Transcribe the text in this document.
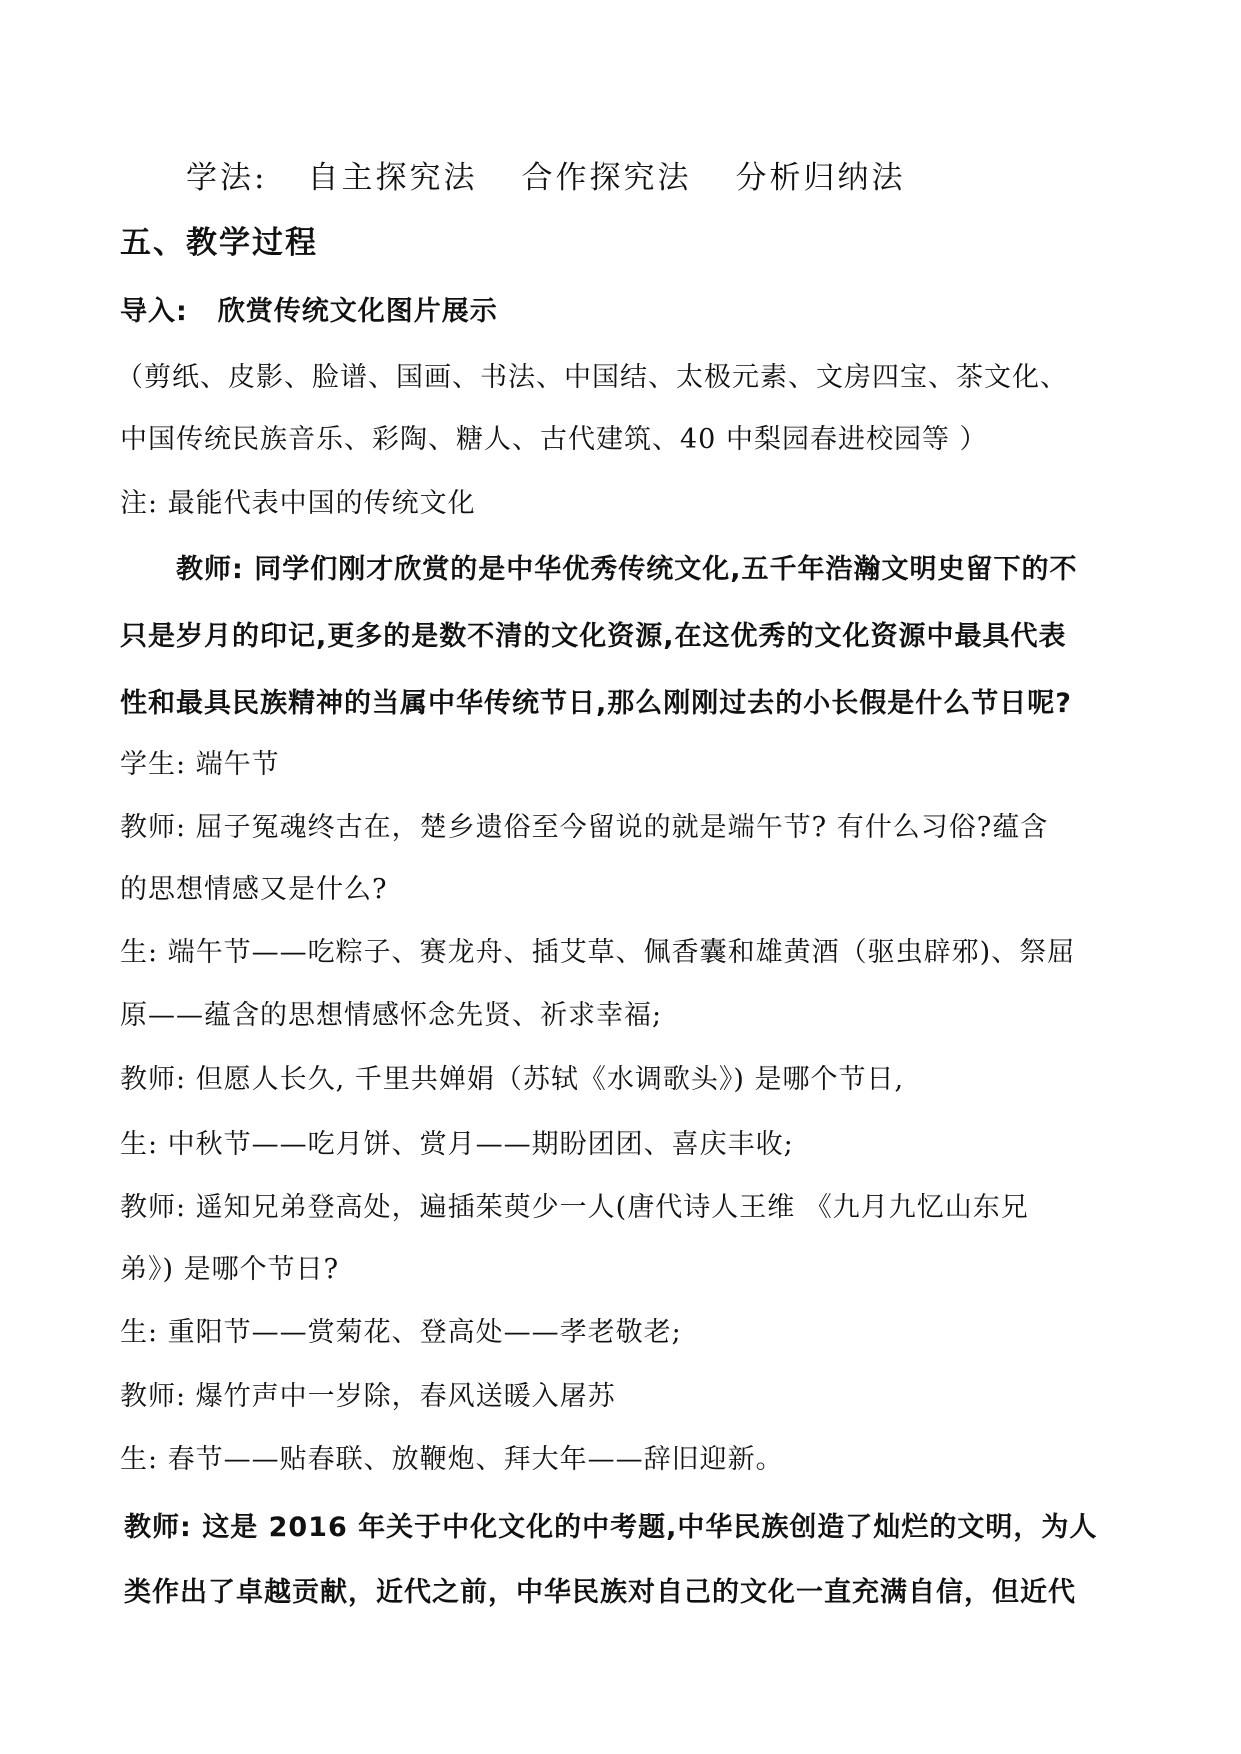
学法: 自主探究法 合作探究法 分析归纳法
五、教学过程
导入: 欣赏传统文化图片展示
（剪纸、皮影、脸谱、国画、书法、中国结、太极元素、文房四宝、茶文化、
中国传统民族音乐、彩陶、糖人、古代建筑、40 中梨园春进校园等 ）
注: 最能代表中国的传统文化
教师: 同学们刚才欣赏的是中华优秀传统文化,五千年浩瀚文明史留下的不
只是岁月的印记,更多的是数不清的文化资源,在这优秀的文化资源中最具代表
性和最具民族精神的当属中华传统节日,那么刚刚过去的小长假是什么节日呢?
学生: 端午节
教师: 屈子冤魂终古在，楚乡遗俗至今留说的就是端午节? 有什么习俗?蕴含
的思想情感又是什么?
生: 端午节——吃粽子、赛龙舟、插艾草、佩香囊和雄黄酒（驱虫辟邪)、祭屈
原——蕴含的思想情感怀念先贤、祈求幸福;
教师: 但愿人长久, 千里共婵娟（苏轼《水调歌头》) 是哪个节日,
生: 中秋节——吃月饼、赏月——期盼团团、喜庆丰收;
教师: 遥知兄弟登高处，遍插茱萸少一人(唐代诗人王维 《九月九忆山东兄
弟》) 是哪个节日?
生: 重阳节——赏菊花、登高处——孝老敬老;
教师: 爆竹声中一岁除，春风送暖入屠苏
生: 春节——贴春联、放鞭炮、拜大年——辞旧迎新。
教师: 这是 2016 年关于中化文化的中考题,中华民族创造了灿烂的文明，为人
类作出了卓越贡献，近代之前，中华民族对自己的文化一直充满自信，但近代
